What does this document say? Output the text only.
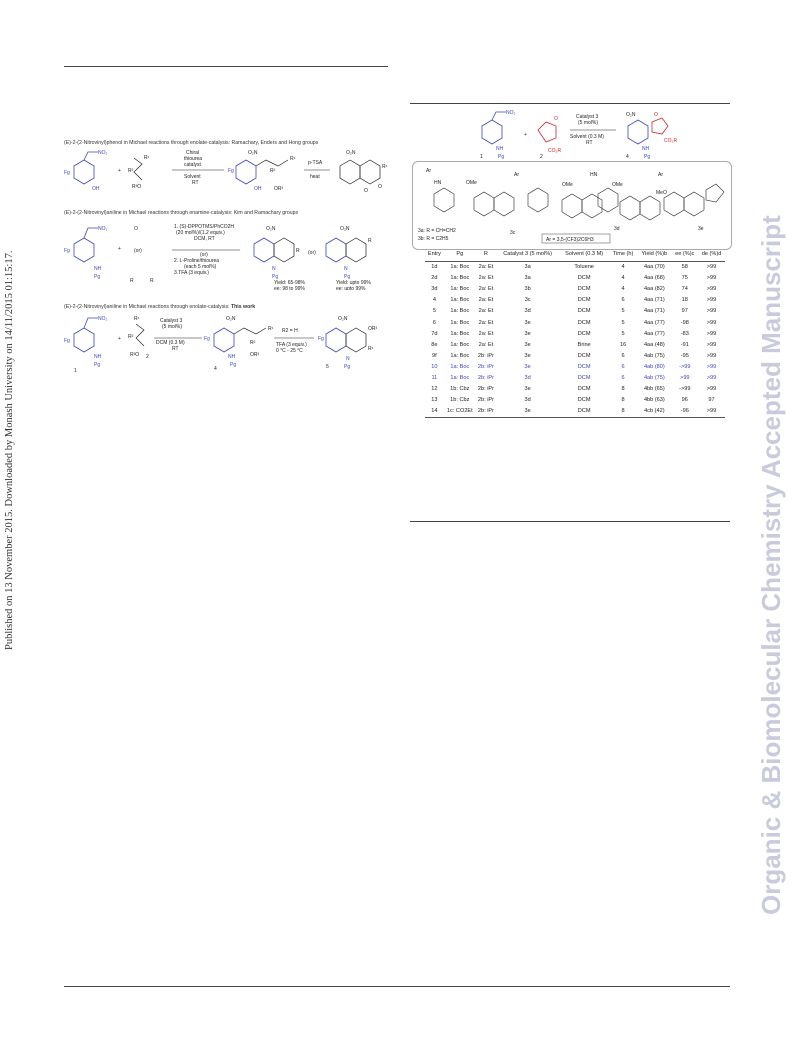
Published on 13 November 2015. Downloaded by Monash University on 14/11/2015 01:15:17.	Organic & Biomolecular Chemistry Accepted Manuscript
(E)-2-(2-Nitrovinyl)phenol in Michael reactions through enolate-catalysis: Ramachary, Enders and Hong groups
Fg
NO₂
OH
+
R¹
R²
R³O
Chiral
thiourea
catalyst
Solvent
RT
Fg
O₂N
R²
R¹
OH	OR³
p-TSA
heat
O₂N
R¹
O
O
(E)-2-(2-Nitrovinyl)aniline in Michael reactions through enamine-catalysis: Kim and Ramachary groups
Fg
NO₂
NH
Pg
+
O
(or)
R	R
1. (S)-DPPOTMS/PhCO2H
(20 mol%)/(1.2 equiv.)
DCM, RT
(or)
2. L-Proline/thiourea
(each 5 mol%)
3.TFA (3 equiv.)
O₂N
R
N
Pg
(or)
O₂N
R
N
Pg
Yield: 65-98%
ee: 98 to 99%
Yield: upto 99%
ee: upto 99%
(E)-2-(2-Nitrovinyl)aniline in Michael reactions through enolate-catalysis: This work
Fg
NO₂
NH
Pg
1
+
R¹
R²
R³O 2
Catalyst 3
(5 mol%)
DCM (0.3 M)
RT
Fg
O₂N
R¹
R²
OR³
NH
Pg
4
R2 = H
TFA (3 equiv.)
0 °C - 25 °C
Fg
O₂N
OR³
R¹
N
Pg
5
NO₂
NH
Pg
1
+
O
CO₂R
2
Catalyst 3
(5 mol%)
Solvent (0.3 M)
RT
O₂N	O
CO₂R
NH
Pg
4
Ar
HN	OMe
Ar
OMe
HN
OMe
Ar
MeO
3a: R = CH=CH2
3b: R = C2H5
3c
3d	3e
Ar = 3,5-(CF3)2C6H3
Entry	Pg	R	Catalyst 3 (5 mol%)	Solvent (0.3 M)	Time (h)	Yield (%)b	ee (%)c	de (%)d
1d	1a: Boc	2a: Et	3a	Toluene	4	4aa (70)	58	>99
2d	1a: Boc	2a: Et	3a	DCM	4	4aa (68)	75	>99
3d	1a: Boc	2a: Et	3b	DCM	4	4aa (82)	74	>99
4	1a: Boc	2a: Et	3c	DCM	6	4aa (71)	18	>99
5	1a: Boc	2a: Et	3d	DCM	5	4aa (71)	97	>99
6	1a: Boc	2a: Et	3e	DCM	5	4aa (77)	-98	>99
7d	1a: Boc	2a: Et	3e	DCM	5	4aa (77)	-83	>99
8e	1a: Boc	2a: Et	3e	Brine	16	4aa (48)	-91	>99
9f	1a: Boc	2b: iPr	3e	DCM	6	4ab (75)	-95	>99
10	1a: Boc	2b: iPr	3e	DCM	6	4ab (80)	->99	>99
11	1a: Boc	2b: iPr	3d	DCM	6	4ab (75)	>99	>99
12	1b: Cbz	2b: iPr	3e	DCM	8	4bb (65)	->99	>99
13	1b: Cbz	2b: iPr	3d	DCM	8	4bb (63)	96	97
14	1c: CO2Et	2b: iPr	3e	DCM	8	4cb (42)	-96	>99
